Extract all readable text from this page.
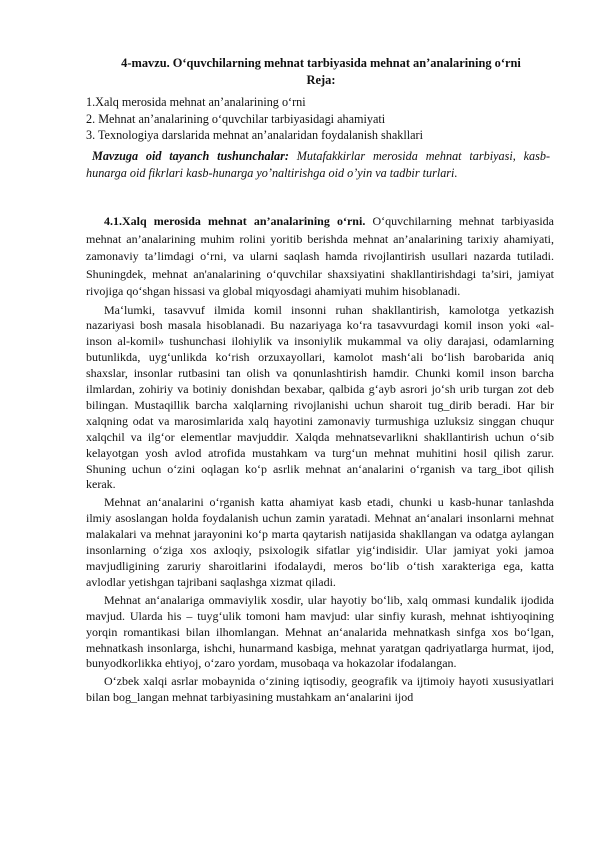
4-mavzu. O‘quvchilarning mehnat tarbiyasida mehnat an’analarining o‘rni
Reja:
1.Xalq merosida mehnat an’analarining o‘rni
2. Mehnat an’analarining o‘quvchilar tarbiyasidagi ahamiyati
3. Texnologiya darslarida mehnat an’analaridan foydalanish shakllari
Mavzuga oid tayanch tushunchalar: Mutafakkirlar merosida mehnat tarbiyasi, kasb-hunarga oid fikrlari kasb-hunarga yo’naltirishga oid o’yin va tadbir turlari.

4.1.Xalq merosida mehnat an’analarining o‘rni. O‘quvchilarning mehnat tarbiyasida mehnat an’analarining muhim rolini yoritib berishda mehnat an’analarining tarixiy ahamiyati, zamonaviy ta’limdagi o‘rni, va ularni saqlash hamda rivojlantirish usullari nazarda tutiladi. Shuningdek, mehnat an'analarining o‘quvchilar shaxsiyatini shakllantirishdagi ta’siri, jamiyat rivojiga qo‘shgan hissasi va global miqyosdagi ahamiyati muhim hisoblanadi.

Ma‘lumki, tasavvuf ilmida komil insonni ruhan shakllantirish, kamolotga yetkazish nazariyasi bosh masala hisoblanadi. Bu nazariyaga ko‘ra tasavvurdagi komil inson yoki «al-inson al-komil» tushunchasi ilohiylik va insoniylik mukammal va oliy darajasi, odamlarning butunlikda, uyg‘unlikda ko‘rish orzuxayollari, kamolot mash‘ali bo‘lish barobarida aniq shaxslar, insonlar rutbasini tan olish va qonunlashtirish hamdir. Chunki komil inson barcha ilmlardan, zohiriy va botiniy donishdan bexabar, qalbida g‘ayb asrori jo‘sh urib turgan zot deb bilingan. Mustaqillik barcha xalqlarning rivojlanishi uchun sharoit tug_dirib beradi. Har bir xalqning odat va marosimlarida xalq hayotini zamonaviy turmushiga uzluksiz singgan chuqur xalqchil va ilg‘or elementlar mavjuddir. Xalqda mehnatsevarlikni shakllantirish uchun o‘sib kelayotgan yosh avlod atrofida mustahkam va turg‘un mehnat muhitini hosil qilish zarur. Shuning uchun o‘zini oqlagan ko‘p asrlik mehnat an‘analarini o‘rganish va targ_ibot qilish kerak.

Mehnat an‘analarini o‘rganish katta ahamiyat kasb etadi, chunki u kasb-hunar tanlashda ilmiy asoslangan holda foydalanish uchun zamin yaratadi. Mehnat an‘analari insonlarni mehnat malakalari va mehnat jarayonini ko‘p marta qaytarish natijasida shakllangan va odatga aylangan insonlarning o‘ziga xos axloqiy, psixologik sifatlar yig‘indisidir. Ular jamiyat yoki jamoa mavjudligining zaruriy sharoitlarini ifodalaydi, meros bo‘lib o‘tish xarakteriga ega, katta avlodlar yetishgan tajribani saqlashga xizmat qiladi.

Mehnat an‘analariga ommaviylik xosdir, ular hayotiy bo‘lib, xalq ommasi kundalik ijodida mavjud. Ularda his – tuyg‘ulik tomoni ham mavjud: ular sinfiy kurash, mehnat ishtiyoqining yorqin romantikasi bilan ilhomlangan. Mehnat an‘analarida mehnatkash sinfga xos bo‘lgan, mehnatkash insonlarga, ishchi, hunarmand kasbiga, mehnat yaratgan qadriyatlarga hurmat, ijod, bunyodkorlikka ehtiyoj, o‘zaro yordam, musobaqa va hokazolar ifodalangan.

O‘zbek xalqi asrlar mobaynida o‘zining iqtisodiy, geografik va ijtimoiy hayoti xususiyatlari bilan bog_langan mehnat tarbiyasining mustahkam an‘analarini ijod
